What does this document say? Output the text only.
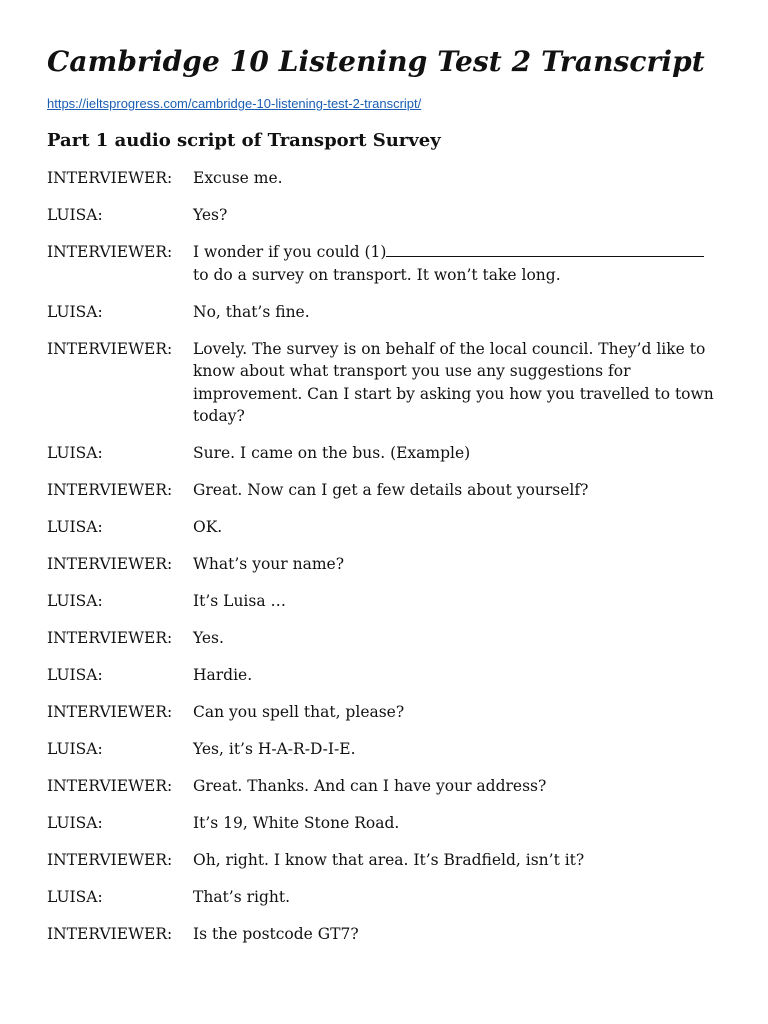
Cambridge 10 Listening Test 2 Transcript
https://ieltsprogress.com/cambridge-10-listening-test-2-transcript/
Part 1 audio script of Transport Survey
INTERVIEWER:	Excuse me.
LUISA:	Yes?
INTERVIEWER:	I wonder if you could (1)
to do a survey on transport. It won’t take long.
LUISA:	No, that’s fine.
INTERVIEWER:	Lovely. The survey is on behalf of the local council. They’d like to know about what transport you use any suggestions for improvement. Can I start by asking you how you travelled to town today?
LUISA:	Sure. I came on the bus. (Example)
INTERVIEWER:	Great. Now can I get a few details about yourself?
LUISA:	OK.
INTERVIEWER:	What’s your name?
LUISA:	It’s Luisa …
INTERVIEWER:	Yes.
LUISA:	Hardie.
INTERVIEWER:	Can you spell that, please?
LUISA:	Yes, it’s H-A-R-D-I-E.
INTERVIEWER:	Great. Thanks. And can I have your address?
LUISA:	It’s 19, White Stone Road.
INTERVIEWER:	Oh, right. I know that area. It’s Bradfield, isn’t it?
LUISA:	That’s right.
INTERVIEWER:	Is the postcode GT7?
